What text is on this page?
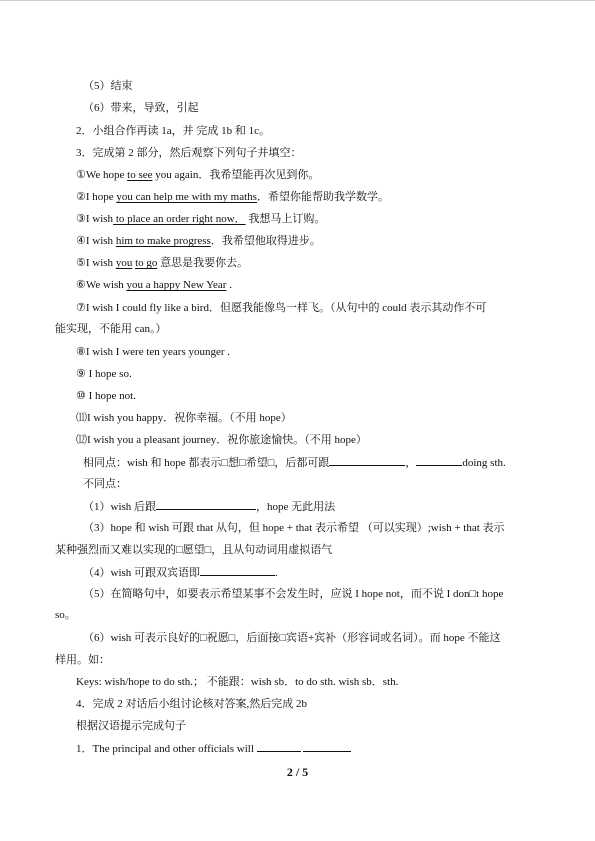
（5）结束
（6）带来，导致，引起
2．小组合作再读 1a，并 完成 1b 和 1c。
3．完成第 2 部分，然后观察下列句子并填空：
①We hope to see you again．我希望能再次见到你。
②I hope you can help me with my maths．希望你能帮助我学数学。
③I wish to place an order right now． 我想马上订购。
④I wish him to make progress．我希望他取得进步。
⑤I wish you to go 意思是我要你去。
⑥We wish you a happy New Year .
⑦I wish I could fly like a bird．但愿我能像鸟一样飞。（从句中的 could 表示其动作不可
能实现，不能用 can。）
⑧I wish I were ten years younger .
⑨ I hope so.
⑩ I hope not.
⑾I wish you happy．祝你幸福。（不用 hope）
⑿I wish you a pleasant journey．祝你旅途愉快。（不用 hope）
相同点：wish 和 hope 都表示□想□希望□，后都可跟	，	doing sth.
不同点：
（1）wish 后跟	，hope 无此用法
（3）hope 和 wish 可跟 that 从句，但 hope + that 表示希望 （可以实现）;wish + that 表示
某种强烈而又难以实现的□愿望□，且从句动词用虚拟语气
（4）wish 可跟双宾语即	.
（5）在简略句中，如要表示希望某事不会发生时，应说 I hope not，而不说 I don□t hope
so。
（6）wish 可表示良好的□祝愿□，后面接□宾语+宾补（形容词或名词）。而 hope 不能这
样用。如：
Keys: wish/hope to do sth.； 不能跟：wish sb．to do sth. wish sb．sth.
4．完成 2 对话后小组讨论核对答案,然后完成 2b
根据汉语提示完成句子
1．The principal and other officials will
2 / 5
